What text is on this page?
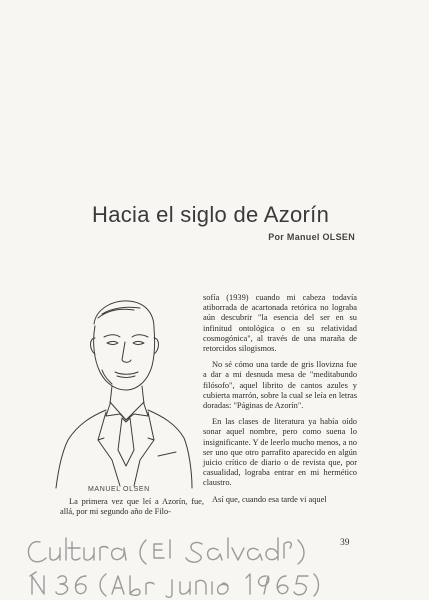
Hacia el siglo de Azorín
Por Manuel OLSEN
MANUEL OLSEN

La primera vez que leí a Azorín, fue, allá, por mi segundo año de Filo-

sofía (1939) cuando mi cabeza todavía atiborrada de acartonada retórica no lograba aún descubrir "la esencia del ser en su infinitud ontológica o en su relatividad cosmogónica", al través de una maraña de retorcidos silogismos.

No sé cómo una tarde de gris llovizna fue a dar a mi desnuda mesa de "meditabundo filósofo", aquel librito de cantos azules y cubierta marrón, sobre la cual se leía en letras doradas: "Páginas de Azorín".

En las clases de literatura ya había oído sonar aquel nombre, pero como suena lo insignificante. Y de leerlo mucho menos, a no ser uno que otro parrafito aparecido en algún juicio crítico de diario o de revista que, por casualidad, lograba entrar en mi hermético claustro.

Así que, cuando esa tarde vi aquel

39
